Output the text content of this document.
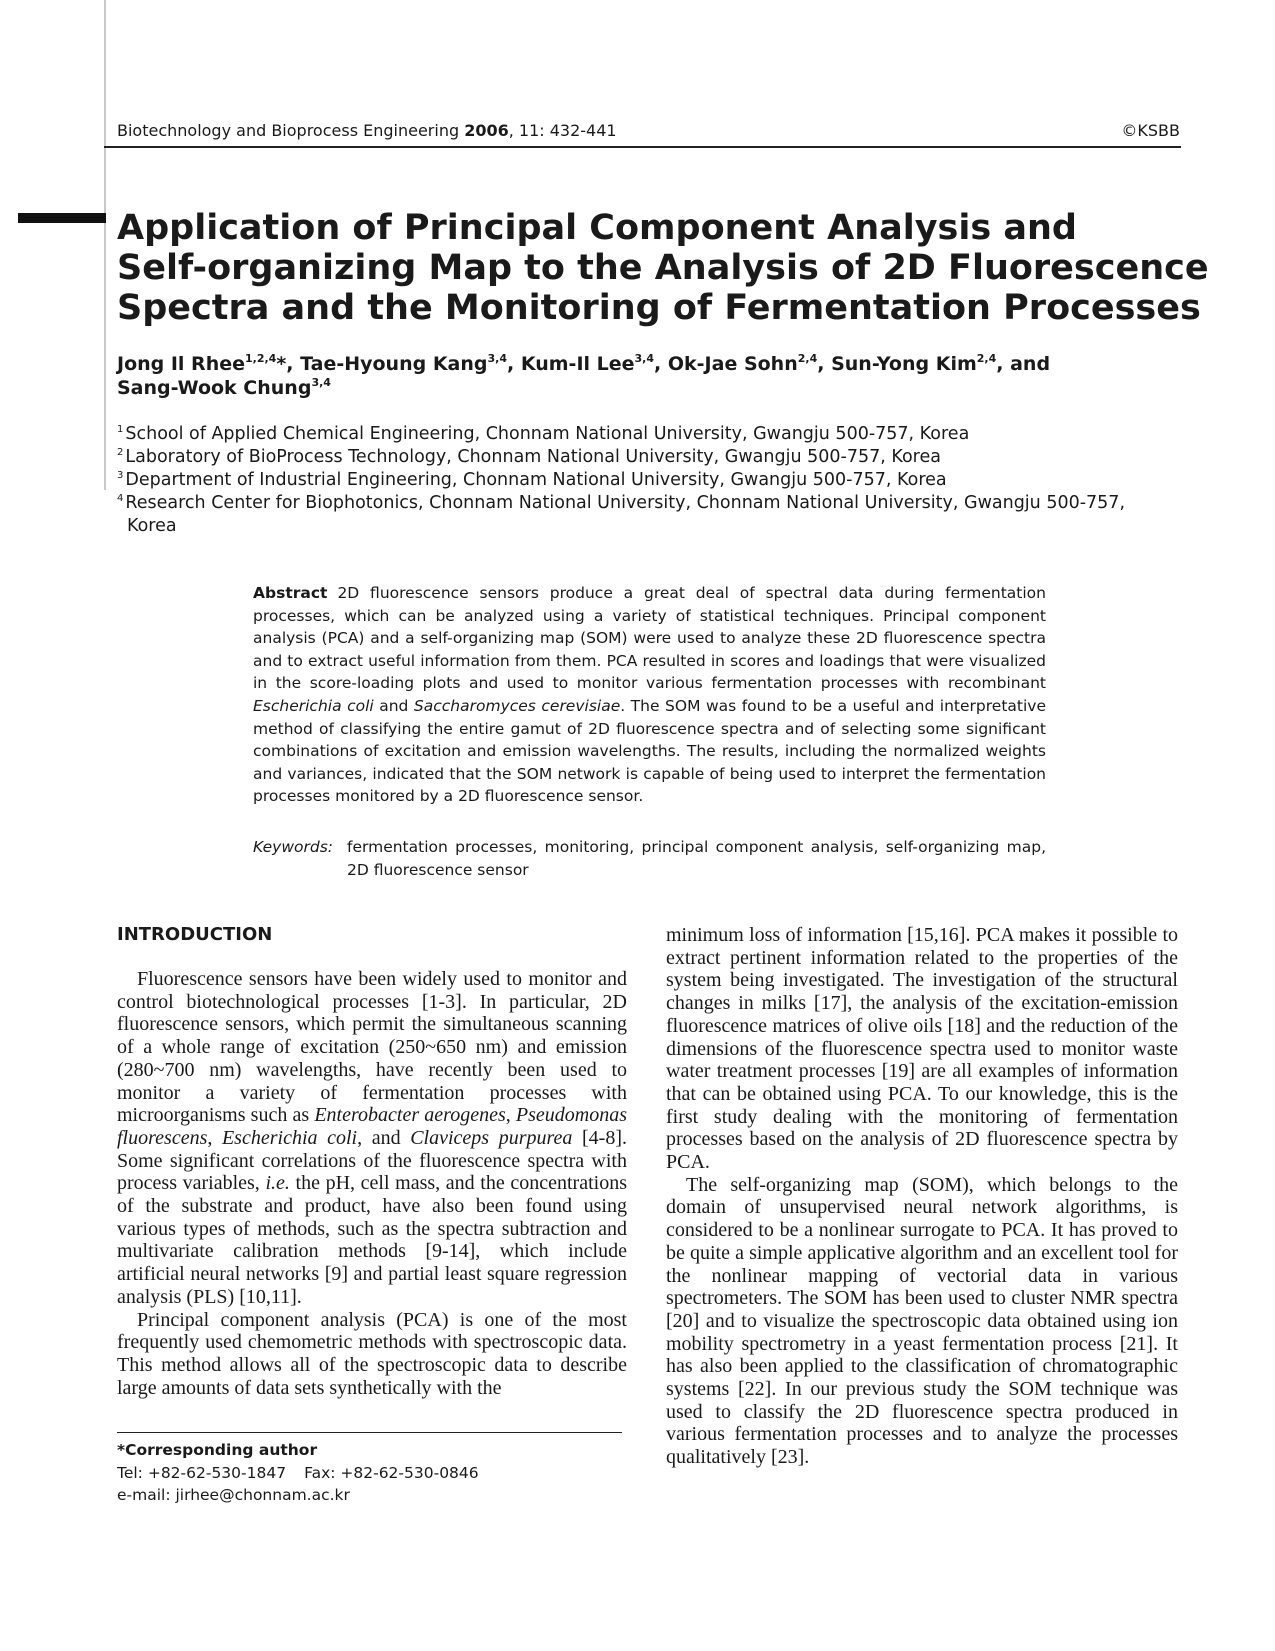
Biotechnology and Bioprocess Engineering 2006, 11: 432-441	©KSBB
Application of Principal Component Analysis and
Self-organizing Map to the Analysis of 2D Fluorescence
Spectra and the Monitoring of Fermentation Processes
Jong Il Rhee$^{1,2,4}$*, Tae-Hyoung Kang$^{3,4}$, Kum-Il Lee$^{3,4}$, Ok-Jae Sohn$^{2,4}$, Sun-Yong Kim$^{2,4}$, and
Sang-Wook Chung$^{3,4}$
$^1$ School of Applied Chemical Engineering, Chonnam National University, Gwangju 500-757, Korea
$^2$ Laboratory of BioProcess Technology, Chonnam National University, Gwangju 500-757, Korea
$^3$ Department of Industrial Engineering, Chonnam National University, Gwangju 500-757, Korea
$^4$ Research Center for Biophotonics, Chonnam National University, Chonnam National University, Gwangju 500-757,
Korea
Abstract 2D fluorescence sensors produce a great deal of spectral data during fermentation processes, which can be analyzed using a variety of statistical techniques. Principal component analysis (PCA) and a self-organizing map (SOM) were used to analyze these 2D fluorescence spectra and to extract useful information from them. PCA resulted in scores and loadings that were visualized in the score-loading plots and used to monitor various fermentation processes with recombinant Escherichia coli and Saccharomyces cerevisiae. The SOM was found to be a useful and interpretative method of classifying the entire gamut of 2D fluorescence spectra and of selecting some significant combinations of excitation and emission wavelengths. The results, including the normalized weights and variances, indicated that the SOM network is capable of being used to interpret the fermentation processes monitored by a 2D fluorescence sensor.
Keywords: fermentation processes, monitoring, principal component analysis, self-organizing map, 2D fluorescence sensor
INTRODUCTION

Fluorescence sensors have been widely used to monitor and control biotechnological processes [1-3]. In particular, 2D fluorescence sensors, which permit the simultaneous scanning of a whole range of excitation (250~650 nm) and emission (280~700 nm) wavelengths, have recently been used to monitor a variety of fermentation processes with microorganisms such as Enterobacter aerogenes, Pseudomonas fluorescens, Escherichia coli, and Claviceps purpurea [4-8]. Some significant correlations of the fluorescence spectra with process variables, i.e. the pH, cell mass, and the concentrations of the substrate and product, have also been found using various types of methods, such as the spectra subtraction and multivariate calibration methods [9-14], which include artificial neural networks [9] and partial least square regression analysis (PLS) [10,11].

Principal component analysis (PCA) is one of the most frequently used chemometric methods with spectroscopic data. This method allows all of the spectroscopic data to describe large amounts of data sets synthetically with the

minimum loss of information [15,16]. PCA makes it possible to extract pertinent information related to the properties of the system being investigated. The investigation of the structural changes in milks [17], the analysis of the excitation-emission fluorescence matrices of olive oils [18] and the reduction of the dimensions of the fluorescence spectra used to monitor waste water treatment processes [19] are all examples of information that can be obtained using PCA. To our knowledge, this is the first study dealing with the monitoring of fermentation processes based on the analysis of 2D fluorescence spectra by PCA.

The self-organizing map (SOM), which belongs to the domain of unsupervised neural network algorithms, is considered to be a nonlinear surrogate to PCA. It has proved to be quite a simple applicative algorithm and an excellent tool for the nonlinear mapping of vectorial data in various spectrometers. The SOM has been used to cluster NMR spectra [20] and to visualize the spectroscopic data obtained using ion mobility spectrometry in a yeast fermentation process [21]. It has also been applied to the classification of chromatographic systems [22]. In our previous study the SOM technique was used to classify the 2D fluorescence spectra produced in various fermentation processes and to analyze the processes qualitatively [23].

*Corresponding author
Tel: +82-62-530-1847 Fax: +82-62-530-0846
e-mail: jirhee@chonnam.ac.kr
